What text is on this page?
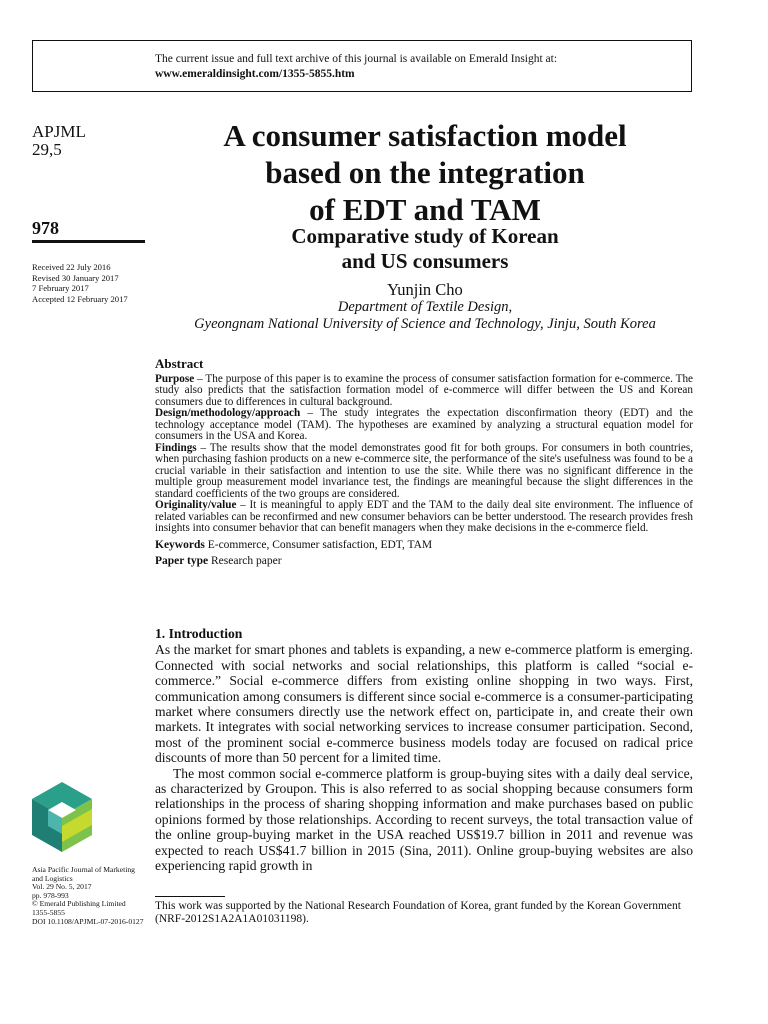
The current issue and full text archive of this journal is available on Emerald Insight at:
www.emeraldinsight.com/1355-5855.htm
APJML
29,5
978
Received 22 July 2016
Revised 30 January 2017
7 February 2017
Accepted 12 February 2017
A consumer satisfaction model
based on the integration
of EDT and TAM
Comparative study of Korean
and US consumers
Yunjin Cho
Department of Textile Design,
Gyeongnam National University of Science and Technology, Jinju, South Korea
Abstract

Purpose – The purpose of this paper is to examine the process of consumer satisfaction formation for e-commerce. The study also predicts that the satisfaction formation model of e-commerce will differ between the US and Korean consumers due to differences in cultural background.

Design/methodology/approach – The study integrates the expectation disconfirmation theory (EDT) and the technology acceptance model (TAM). The hypotheses are examined by analyzing a structural equation model for consumers in the USA and Korea.

Findings – The results show that the model demonstrates good fit for both groups. For consumers in both countries, when purchasing fashion products on a new e-commerce site, the performance of the site's usefulness was found to be a crucial variable in their satisfaction and intention to use the site. While there was no significant difference in the multiple group measurement model invariance test, the findings are meaningful because the slight differences in the standard coefficients of the two groups are considered.

Originality/value – It is meaningful to apply EDT and the TAM to the daily deal site environment. The influence of related variables can be reconfirmed and new consumer behaviors can be better understood. The research provides fresh insights into consumer behavior that can benefit managers when they make decisions in the e-commerce field.

Keywords E-commerce, Consumer satisfaction, EDT, TAM
Paper type Research paper
1. Introduction

As the market for smart phones and tablets is expanding, a new e-commerce platform is emerging. Connected with social networks and social relationships, this platform is called “social e-commerce.” Social e-commerce differs from existing online shopping in two ways. First, communication among consumers is different since social e-commerce is a consumer-participating market where consumers directly use the network effect on, participate in, and create their own markets. It integrates with social networking services to increase consumer participation. Second, most of the prominent social e-commerce business models today are focused on radical price discounts of more than 50 percent for a limited time.

The most common social e-commerce platform is group-buying sites with a daily deal service, as characterized by Groupon. This is also referred to as social shopping because consumers form relationships in the process of sharing shopping information and make purchases based on public opinions formed by those relationships. According to recent surveys, the total transaction value of the online group-buying market in the USA reached US$19.7 billion in 2011 and revenue was expected to reach US$41.7 billion in 2015 (Sina, 2011). Online group-buying websites are also experiencing rapid growth in

This work was supported by the National Research Foundation of Korea, grant funded by the Korean Government (NRF-2012S1A2A1A01031198).
Asia Pacific Journal of Marketing
and Logistics
Vol. 29 No. 5, 2017
pp. 978-993
© Emerald Publishing Limited
1355-5855
DOI 10.1108/APJML-07-2016-0127
